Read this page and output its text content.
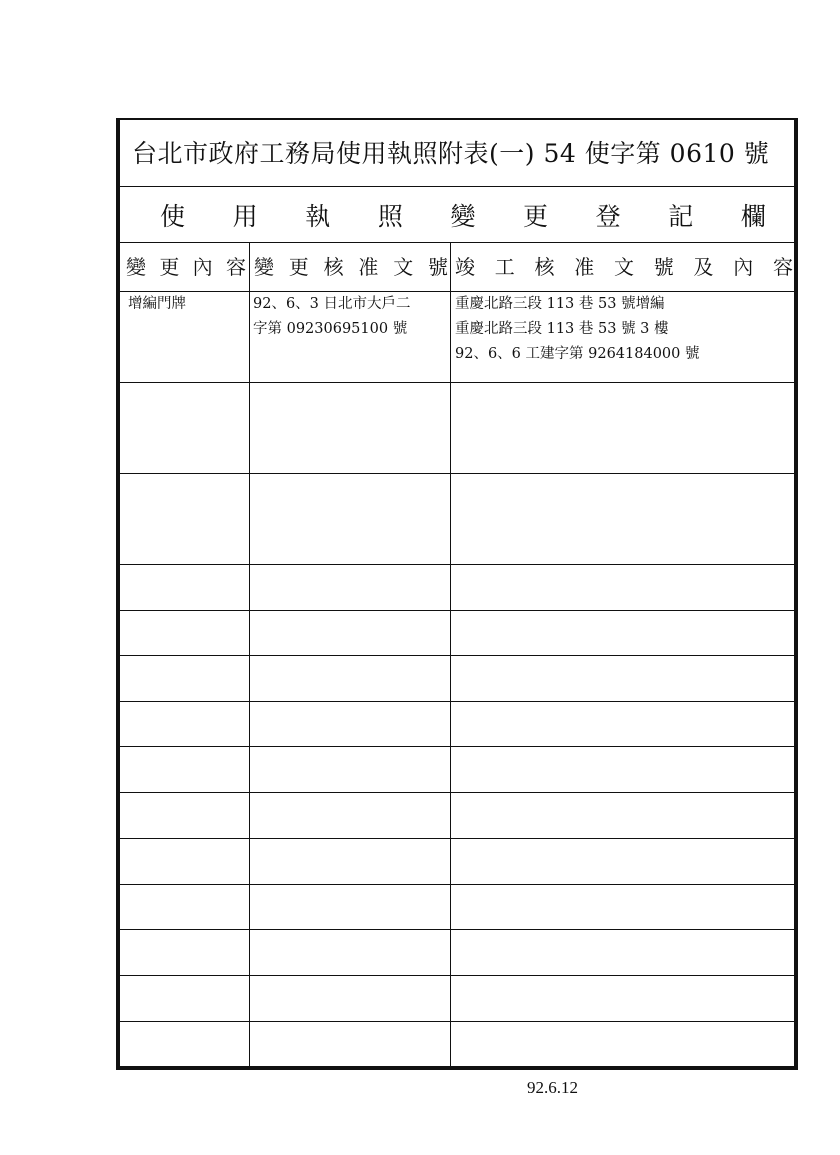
台北市政府工務局使用執照附表(一) 54 使字第 0610 號
使 用 執 照 變 更 登 記 欄
變 更 內 容 變 更 核 准 文 號 竣 工 核 准 文 號 及 內 容
增編門牌	92、6、3 日北市大戶二
字第 09230695100 號
重慶北路三段 113 巷 53 號增編
重慶北路三段 113 巷 53 號 3 樓
92、6、6 工建字第 9264184000 號
92.6.12
